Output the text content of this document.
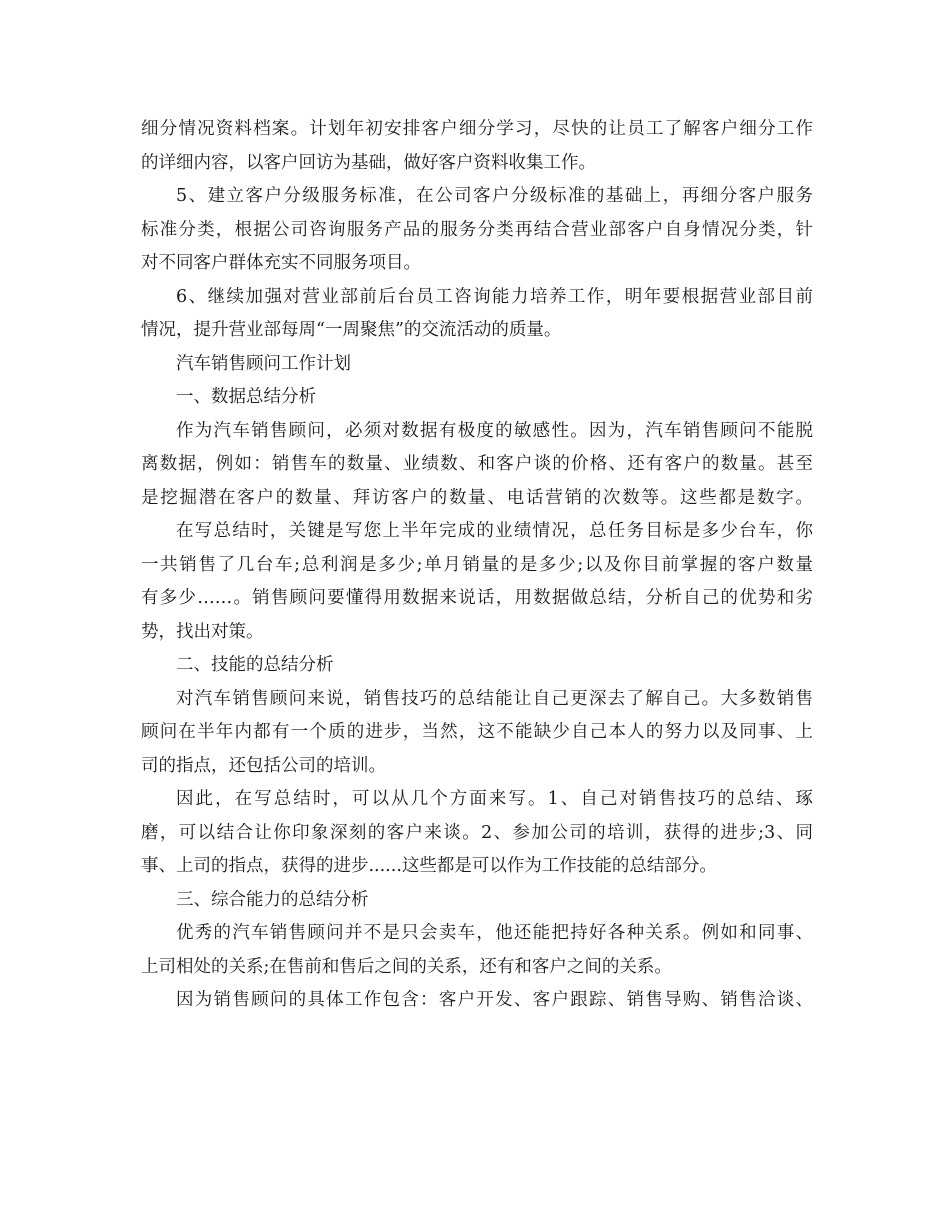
细分情况资料档案。计划年初安排客户细分学习，尽快的让员工了解客户细分工作
的详细内容，以客户回访为基础，做好客户资料收集工作。
5、建立客户分级服务标准，在公司客户分级标准的基础上，再细分客户服务
标准分类，根据公司咨询服务产品的服务分类再结合营业部客户自身情况分类，针
对不同客户群体充实不同服务项目。
6、继续加强对营业部前后台员工咨询能力培养工作，明年要根据营业部目前
情况，提升营业部每周“一周聚焦”的交流活动的质量。
汽车销售顾问工作计划
一、数据总结分析
作为汽车销售顾问，必须对数据有极度的敏感性。因为，汽车销售顾问不能脱
离数据，例如：销售车的数量、业绩数、和客户谈的价格、还有客户的数量。甚至
是挖掘潜在客户的数量、拜访客户的数量、电话营销的次数等。这些都是数字。
在写总结时，关键是写您上半年完成的业绩情况，总任务目标是多少台车，你
一共销售了几台车;总利润是多少;单月销量的是多少;以及你目前掌握的客户数量
有多少……。销售顾问要懂得用数据来说话，用数据做总结，分析自己的优势和劣
势，找出对策。
二、技能的总结分析
对汽车销售顾问来说，销售技巧的总结能让自己更深去了解自己。大多数销售
顾问在半年内都有一个质的进步，当然，这不能缺少自己本人的努力以及同事、上
司的指点，还包括公司的培训。
因此，在写总结时，可以从几个方面来写。1、自己对销售技巧的总结、琢
磨，可以结合让你印象深刻的客户来谈。2、参加公司的培训，获得的进步;3、同
事、上司的指点，获得的进步......这些都是可以作为工作技能的总结部分。
三、综合能力的总结分析
优秀的汽车销售顾问并不是只会卖车，他还能把持好各种关系。例如和同事、
上司相处的关系;在售前和售后之间的关系，还有和客户之间的关系。
因为销售顾问的具体工作包含：客户开发、客户跟踪、销售导购、销售洽谈、
